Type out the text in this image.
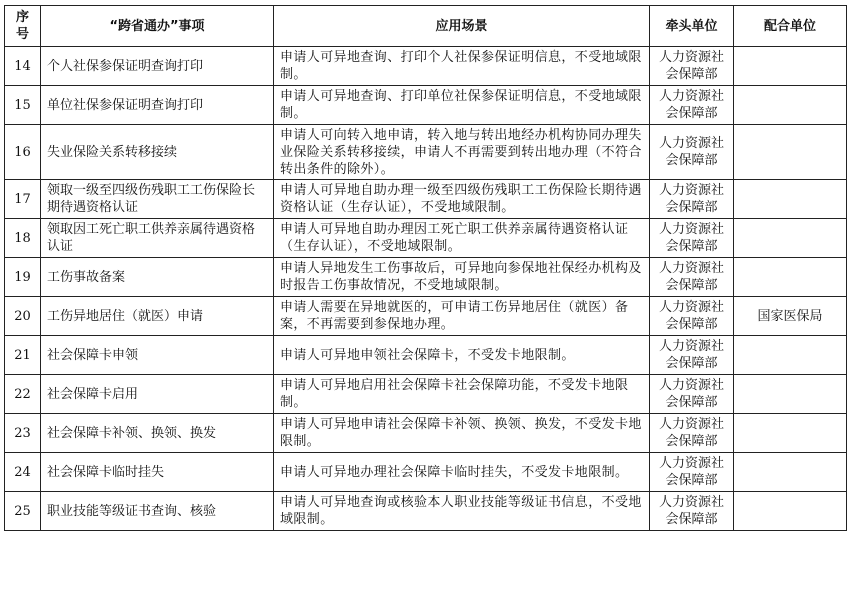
序号	“跨省通办”事项	应用场景	牵头单位	配合单位
14	个人社保参保证明查询打印	申请人可异地查询、打印个人社保参保证明信息，不受地域限制。	人力资源社会保障部	
15	单位社保参保证明查询打印	申请人可异地查询、打印单位社保参保证明信息，不受地域限制。	人力资源社会保障部	
16	失业保险关系转移接续	申请人可向转入地申请，转入地与转出地经办机构协同办理失业保险关系转移接续，申请人不再需要到转出地办理（不符合转出条件的除外）。	人力资源社会保障部	
17	领取一级至四级伤残职工工伤保险长期待遇资格认证	申请人可异地自助办理一级至四级伤残职工工伤保险长期待遇资格认证（生存认证），不受地域限制。	人力资源社会保障部	
18	领取因工死亡职工供养亲属待遇资格认证	申请人可异地自助办理因工死亡职工供养亲属待遇资格认证（生存认证），不受地域限制。	人力资源社会保障部	
19	工伤事故备案	申请人异地发生工伤事故后，可异地向参保地社保经办机构及时报告工伤事故情况，不受地域限制。	人力资源社会保障部	
20	工伤异地居住（就医）申请	申请人需要在异地就医的，可申请工伤异地居住（就医）备案，不再需要到参保地办理。	人力资源社会保障部	国家医保局
21	社会保障卡申领	申请人可异地申领社会保障卡，不受发卡地限制。	人力资源社会保障部	
22	社会保障卡启用	申请人可异地启用社会保障卡社会保障功能，不受发卡地限制。	人力资源社会保障部	
23	社会保障卡补领、换领、换发	申请人可异地申请社会保障卡补领、换领、换发，不受发卡地限制。	人力资源社会保障部	
24	社会保障卡临时挂失	申请人可异地办理社会保障卡临时挂失，不受发卡地限制。	人力资源社会保障部	
25	职业技能等级证书查询、核验	申请人可异地查询或核验本人职业技能等级证书信息，不受地域限制。	人力资源社会保障部	
